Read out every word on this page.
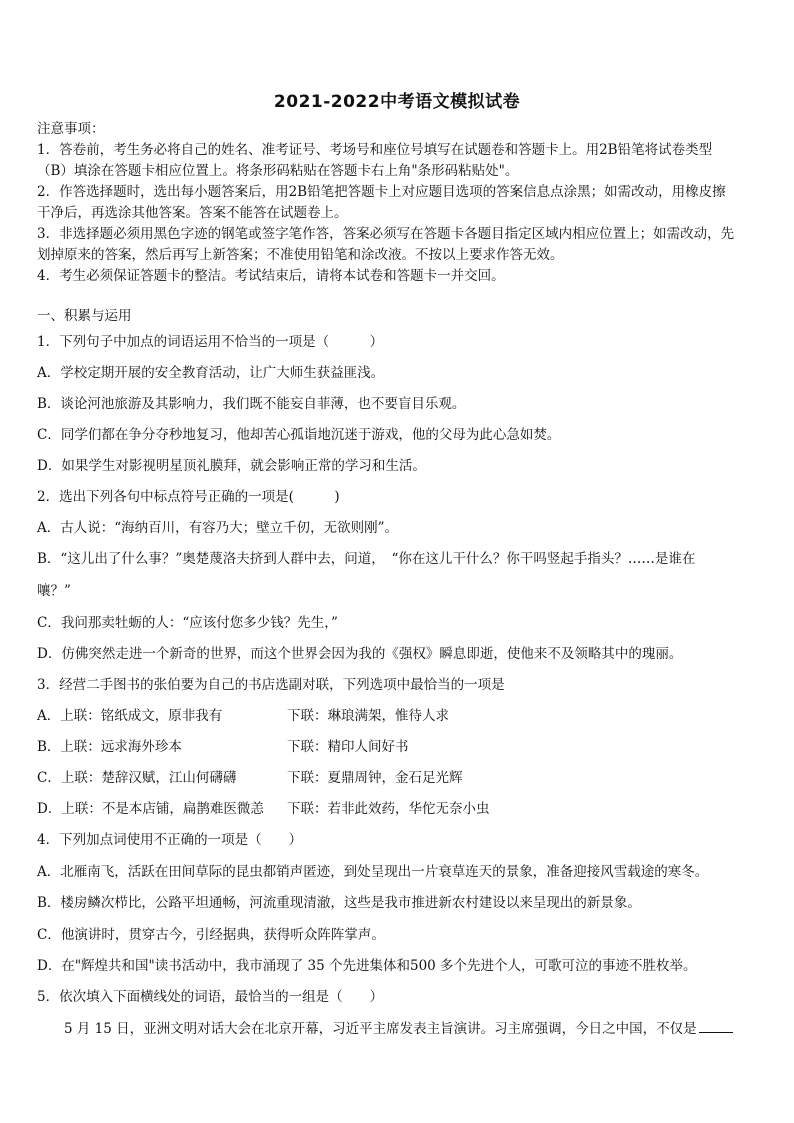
2021-2022中考语文模拟试卷
注意事项：
1．答卷前，考生务必将自己的姓名、准考证号、考场号和座位号填写在试题卷和答题卡上。用2B铅笔将试卷类型
（B）填涂在答题卡相应位置上。将条形码粘贴在答题卡右上角"条形码粘贴处"。
2．作答选择题时，选出每小题答案后，用2B铅笔把答题卡上对应题目选项的答案信息点涂黑；如需改动，用橡皮擦
干净后，再选涂其他答案。答案不能答在试题卷上。
3．非选择题必须用黑色字迹的钢笔或签字笔作答，答案必须写在答题卡各题目指定区域内相应位置上；如需改动，先
划掉原来的答案，然后再写上新答案；不准使用铅笔和涂改液。不按以上要求作答无效。
4．考生必须保证答题卡的整洁。考试结束后，请将本试卷和答题卡一并交回。
一、积累与运用
1．下列句子中加点的词语运用不恰当的一项是（　　　）
A．学校定期开展的安全教育活动，让广大师生获益匪浅。
B．谈论河池旅游及其影响力，我们既不能妄自菲薄，也不要盲目乐观。
C．同学们都在争分夺秒地复习，他却苦心孤诣地沉迷于游戏，他的父母为此心急如焚。
D．如果学生对影视明星顶礼膜拜，就会影响正常的学习和生活。
2．选出下列各句中标点符号正确的一项是(　　　)
A．古人说：“海纳百川，有容乃大；壁立千仞，无欲则刚”。
B．“这儿出了什么事？”奥楚蔑洛夫挤到人群中去，问道，　“你在这儿干什么？你干吗竖起手指头？……是谁在
嚷？”
C．我问那卖牡蛎的人：“应该付您多少钱？先生，”
D．仿佛突然走进一个新奇的世界，而这个世界会因为我的《强权》瞬息即逝，使他来不及领略其中的瑰丽。
3．经营二手图书的张伯要为自己的书店选副对联，下列选项中最恰当的一项是
A．上联：铭纸成文，原非我有	下联：琳琅满架，惟待人求
B．上联：远求海外珍本	下联：精印人间好书
C．上联：楚辞汉赋，江山何礴礴	下联：夏鼎周钟，金石足光辉
D．上联：不是本店铺，扁鹊难医微恙 下联：若非此效药，华佗无奈小虫
4．下列加点词使用不正确的一项是（　　）
A．北雁南飞，活跃在田间草际的昆虫都销声匿迹，到处呈现出一片衰草连天的景象，准备迎接风雪载途的寒冬。
B．楼房鳞次栉比，公路平坦通畅，河流重现清澈，这些是我市推进新农村建设以来呈现出的新景象。
C．他演讲时，贯穿古今，引经据典，获得听众阵阵掌声。
D．在"辉煌共和国"读书活动中，我市涌现了 35 个先进集体和500 多个先进个人，可歌可泣的事迹不胜枚举。
5．依次填入下面横线处的词语，最恰当的一组是（　　）
5 月 15 日，亚洲文明对话大会在北京开幕，习近平主席发表主旨演讲。习主席强调，今日之中国，不仅是
